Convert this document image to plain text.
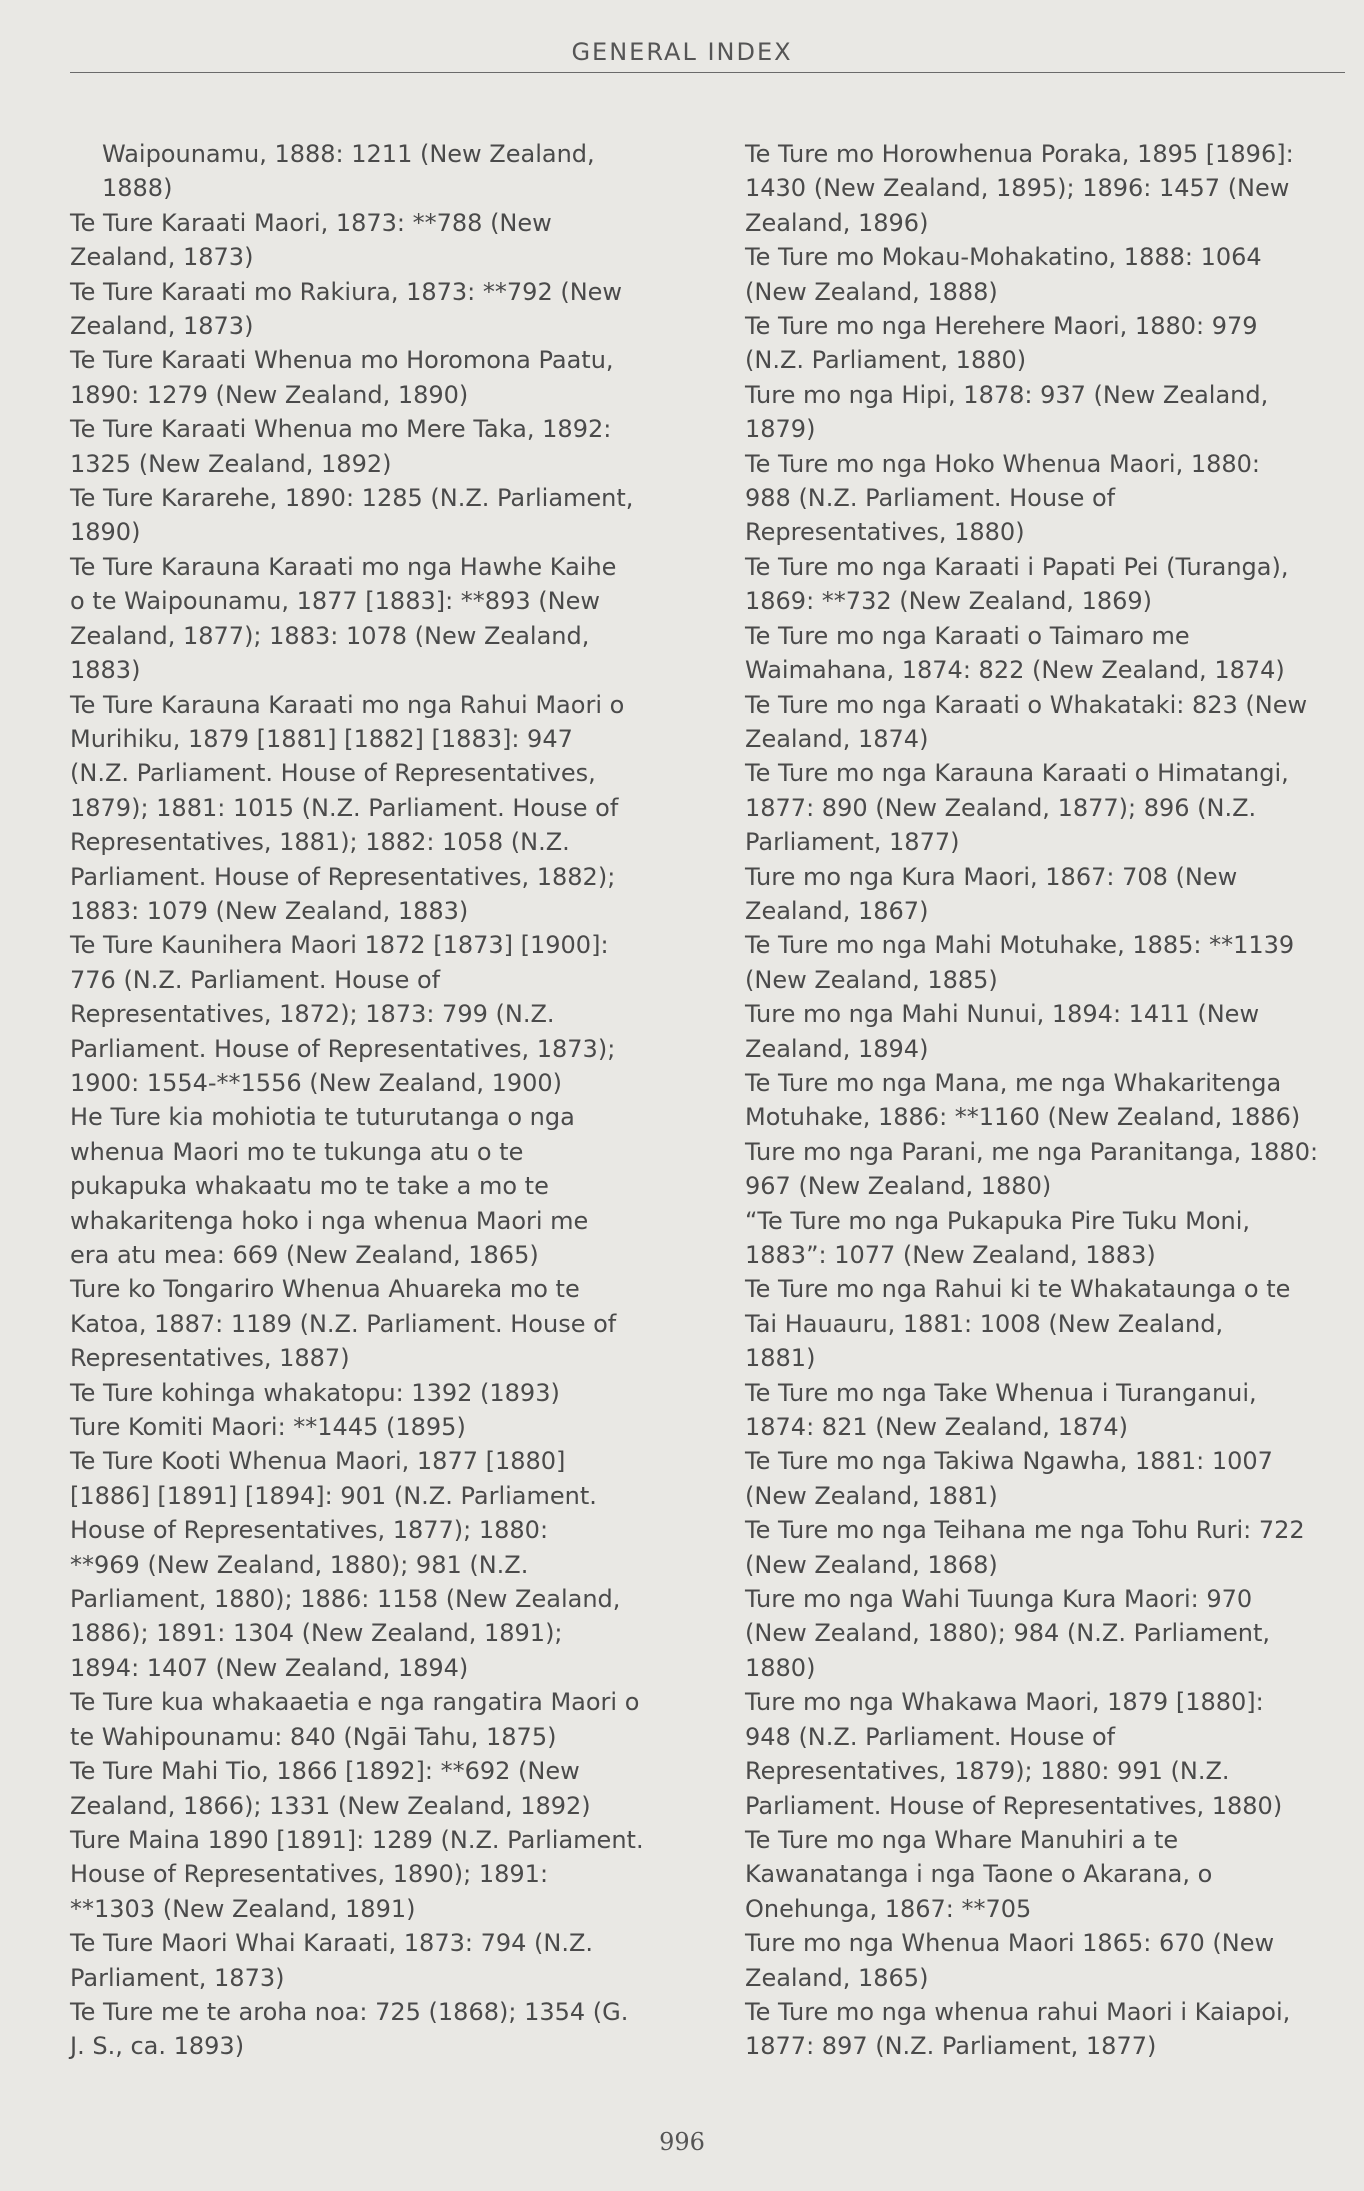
GENERAL INDEX

Waipounamu, 1888: 1211 (New Zealand,
1888)

Te Ture Karaati Maori, 1873: **788 (New
Zealand, 1873)

Te Ture Karaati mo Rakiura, 1873: **792 (New
Zealand, 1873)

Te Ture Karaati Whenua mo Horomona Paatu,
1890: 1279 (New Zealand, 1890)

Te Ture Karaati Whenua mo Mere Taka, 1892:
1325 (New Zealand, 1892)

Te Ture Kararehe, 1890: 1285 (N.Z. Parliament,
1890)

Te Ture Karauna Karaati mo nga Hawhe Kaihe
o te Waipounamu, 1877 [1883]: **893 (New
Zealand, 1877); 1883: 1078 (New Zealand,
1883)

Te Ture Karauna Karaati mo nga Rahui Maori o
Murihiku, 1879 [1881] [1882] [1883]: 947
(N.Z. Parliament. House of Representatives,
1879); 1881: 1015 (N.Z. Parliament. House of
Representatives, 1881); 1882: 1058 (N.Z.
Parliament. House of Representatives, 1882);
1883: 1079 (New Zealand, 1883)

Te Ture Kaunihera Maori 1872 [1873] [1900]:
776 (N.Z. Parliament. House of
Representatives, 1872); 1873: 799 (N.Z.
Parliament. House of Representatives, 1873);
1900: 1554-**1556 (New Zealand, 1900)

He Ture kia mohiotia te tuturutanga o nga
whenua Maori mo te tukunga atu o te
pukapuka whakaatu mo te take a mo te
whakaritenga hoko i nga whenua Maori me
era atu mea: 669 (New Zealand, 1865)

Ture ko Tongariro Whenua Ahuareka mo te
Katoa, 1887: 1189 (N.Z. Parliament. House of
Representatives, 1887)

Te Ture kohinga whakatopu: 1392 (1893)

Ture Komiti Maori: **1445 (1895)

Te Ture Kooti Whenua Maori, 1877 [1880]
[1886] [1891] [1894]: 901 (N.Z. Parliament.
House of Representatives, 1877); 1880:
**969 (New Zealand, 1880); 981 (N.Z.
Parliament, 1880); 1886: 1158 (New Zealand,
1886); 1891: 1304 (New Zealand, 1891);
1894: 1407 (New Zealand, 1894)

Te Ture kua whakaaetia e nga rangatira Maori o
te Wahipounamu: 840 (Ngāi Tahu, 1875)

Te Ture Mahi Tio, 1866 [1892]: **692 (New
Zealand, 1866); 1331 (New Zealand, 1892)

Ture Maina 1890 [1891]: 1289 (N.Z. Parliament.
House of Representatives, 1890); 1891:
**1303 (New Zealand, 1891)

Te Ture Maori Whai Karaati, 1873: 794 (N.Z.
Parliament, 1873)

Te Ture me te aroha noa: 725 (1868); 1354 (G.
J. S., ca. 1893)

Te Ture mo Horowhenua Poraka, 1895 [1896]:
1430 (New Zealand, 1895); 1896: 1457 (New
Zealand, 1896)

Te Ture mo Mokau-Mohakatino, 1888: 1064
(New Zealand, 1888)

Te Ture mo nga Herehere Maori, 1880: 979
(N.Z. Parliament, 1880)

Ture mo nga Hipi, 1878: 937 (New Zealand,
1879)

Te Ture mo nga Hoko Whenua Maori, 1880:
988 (N.Z. Parliament. House of
Representatives, 1880)

Te Ture mo nga Karaati i Papati Pei (Turanga),
1869: **732 (New Zealand, 1869)

Te Ture mo nga Karaati o Taimaro me
Waimahana, 1874: 822 (New Zealand, 1874)

Te Ture mo nga Karaati o Whakataki: 823 (New
Zealand, 1874)

Te Ture mo nga Karauna Karaati o Himatangi,
1877: 890 (New Zealand, 1877); 896 (N.Z.
Parliament, 1877)

Ture mo nga Kura Maori, 1867: 708 (New
Zealand, 1867)

Te Ture mo nga Mahi Motuhake, 1885: **1139
(New Zealand, 1885)

Ture mo nga Mahi Nunui, 1894: 1411 (New
Zealand, 1894)

Te Ture mo nga Mana, me nga Whakaritenga
Motuhake, 1886: **1160 (New Zealand, 1886)

Ture mo nga Parani, me nga Paranitanga, 1880:
967 (New Zealand, 1880)

“Te Ture mo nga Pukapuka Pire Tuku Moni,
1883”: 1077 (New Zealand, 1883)

Te Ture mo nga Rahui ki te Whakataunga o te
Tai Hauauru, 1881: 1008 (New Zealand,
1881)

Te Ture mo nga Take Whenua i Turanganui,
1874: 821 (New Zealand, 1874)

Te Ture mo nga Takiwa Ngawha, 1881: 1007
(New Zealand, 1881)

Te Ture mo nga Teihana me nga Tohu Ruri: 722
(New Zealand, 1868)

Ture mo nga Wahi Tuunga Kura Maori: 970
(New Zealand, 1880); 984 (N.Z. Parliament,
1880)

Ture mo nga Whakawa Maori, 1879 [1880]:
948 (N.Z. Parliament. House of
Representatives, 1879); 1880: 991 (N.Z.
Parliament. House of Representatives, 1880)

Te Ture mo nga Whare Manuhiri a te
Kawanatanga i nga Taone o Akarana, o
Onehunga, 1867: **705

Ture mo nga Whenua Maori 1865: 670 (New
Zealand, 1865)

Te Ture mo nga whenua rahui Maori i Kaiapoi,
1877: 897 (N.Z. Parliament, 1877)

996
